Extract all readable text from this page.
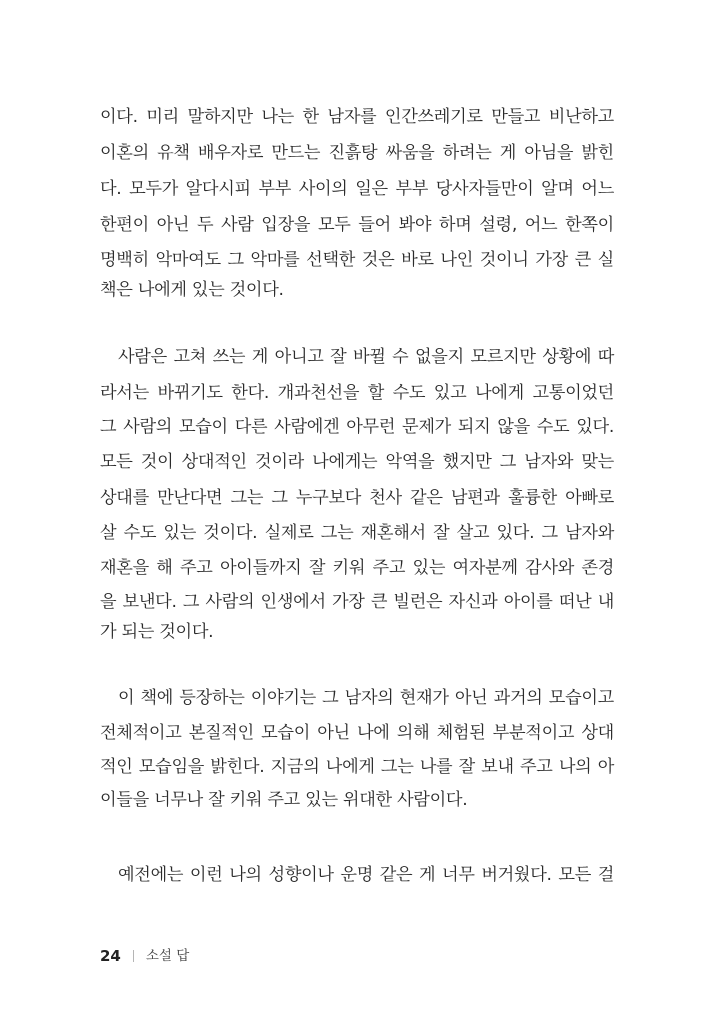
이다. 미리 말하지만 나는 한 남자를 인간쓰레기로 만들고 비난하고
이혼의 유책 배우자로 만드는 진흙탕 싸움을 하려는 게 아님을 밝힌
다. 모두가 알다시피 부부 사이의 일은 부부 당사자들만이 알며 어느
한편이 아닌 두 사람 입장을 모두 들어 봐야 하며 설령, 어느 한쪽이
명백히 악마여도 그 악마를 선택한 것은 바로 나인 것이니 가장 큰 실
책은 나에게 있는 것이다.
사람은 고쳐 쓰는 게 아니고 잘 바뀔 수 없을지 모르지만 상황에 따
라서는 바뀌기도 한다. 개과천선을 할 수도 있고 나에게 고통이었던
그 사람의 모습이 다른 사람에겐 아무런 문제가 되지 않을 수도 있다.
모든 것이 상대적인 것이라 나에게는 악역을 했지만 그 남자와 맞는
상대를 만난다면 그는 그 누구보다 천사 같은 남편과 훌륭한 아빠로
살 수도 있는 것이다. 실제로 그는 재혼해서 잘 살고 있다. 그 남자와
재혼을 해 주고 아이들까지 잘 키워 주고 있는 여자분께 감사와 존경
을 보낸다. 그 사람의 인생에서 가장 큰 빌런은 자신과 아이를 떠난 내
가 되는 것이다.
이 책에 등장하는 이야기는 그 남자의 현재가 아닌 과거의 모습이고
전체적이고 본질적인 모습이 아닌 나에 의해 체험된 부분적이고 상대
적인 모습임을 밝힌다. 지금의 나에게 그는 나를 잘 보내 주고 나의 아
이들을 너무나 잘 키워 주고 있는 위대한 사람이다.
예전에는 이런 나의 성향이나 운명 같은 게 너무 버거웠다. 모든 걸
24 소설 답
